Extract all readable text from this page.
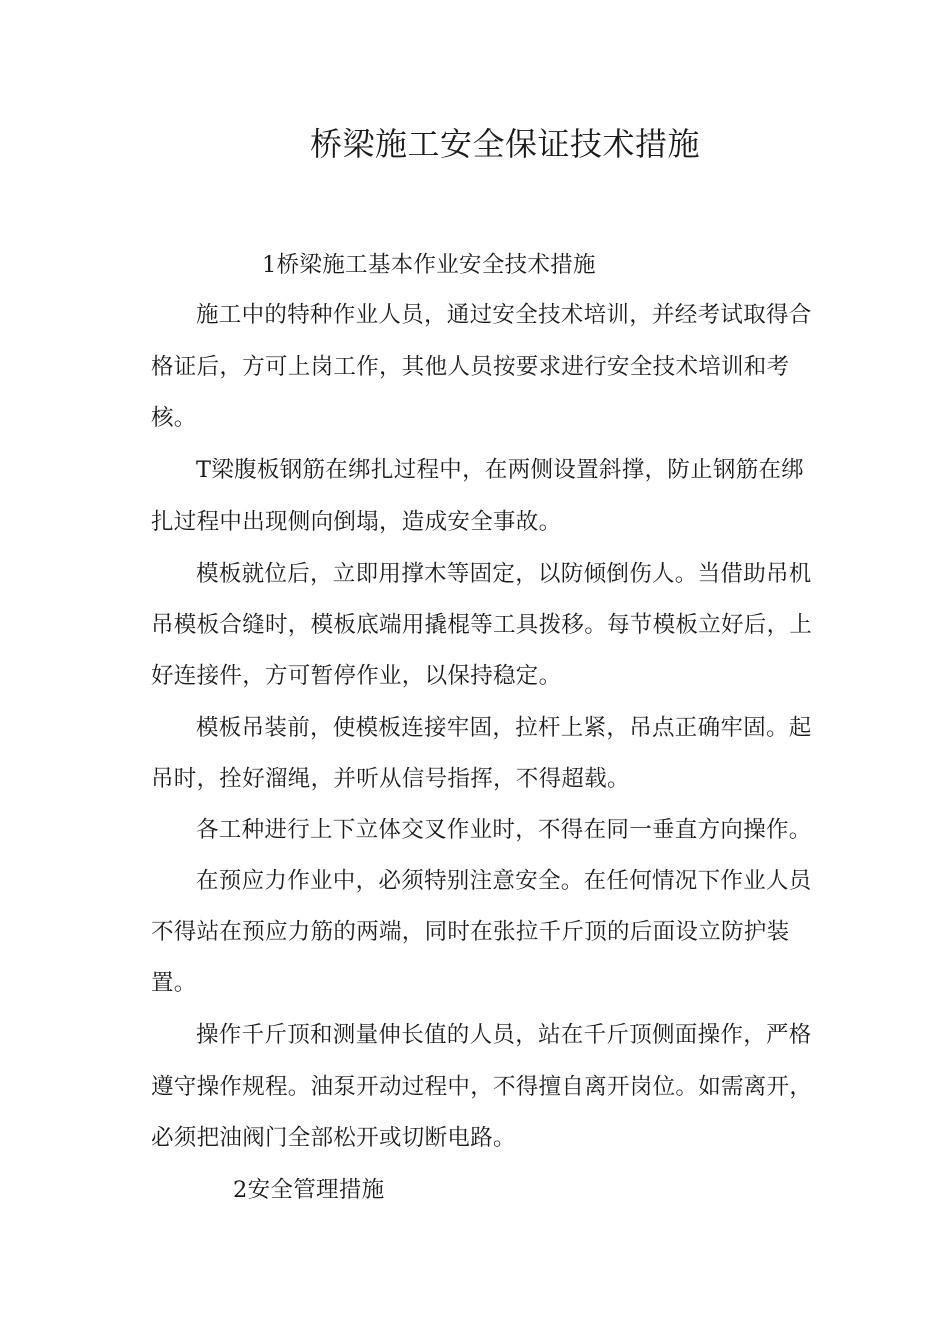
桥梁施工安全保证技术措施
1桥梁施工基本作业安全技术措施
施工中的特种作业人员，通过安全技术培训，并经考试取得合
格证后，方可上岗工作，其他人员按要求进行安全技术培训和考
核。
T梁腹板钢筋在绑扎过程中，在两侧设置斜撑，防止钢筋在绑
扎过程中出现侧向倒塌，造成安全事故。
模板就位后，立即用撑木等固定，以防倾倒伤人。当借助吊机
吊模板合缝时，模板底端用撬棍等工具拨移。每节模板立好后，上
好连接件，方可暂停作业，以保持稳定。
模板吊装前，使模板连接牢固，拉杆上紧，吊点正确牢固。起
吊时，拴好溜绳，并听从信号指挥，不得超载。
各工种进行上下立体交叉作业时，不得在同一垂直方向操作。
在预应力作业中，必须特别注意安全。在任何情况下作业人员
不得站在预应力筋的两端，同时在张拉千斤顶的后面设立防护装
置。
操作千斤顶和测量伸长值的人员，站在千斤顶侧面操作，严格
遵守操作规程。油泵开动过程中，不得擅自离开岗位。如需离开，
必须把油阀门全部松开或切断电路。
2安全管理措施
